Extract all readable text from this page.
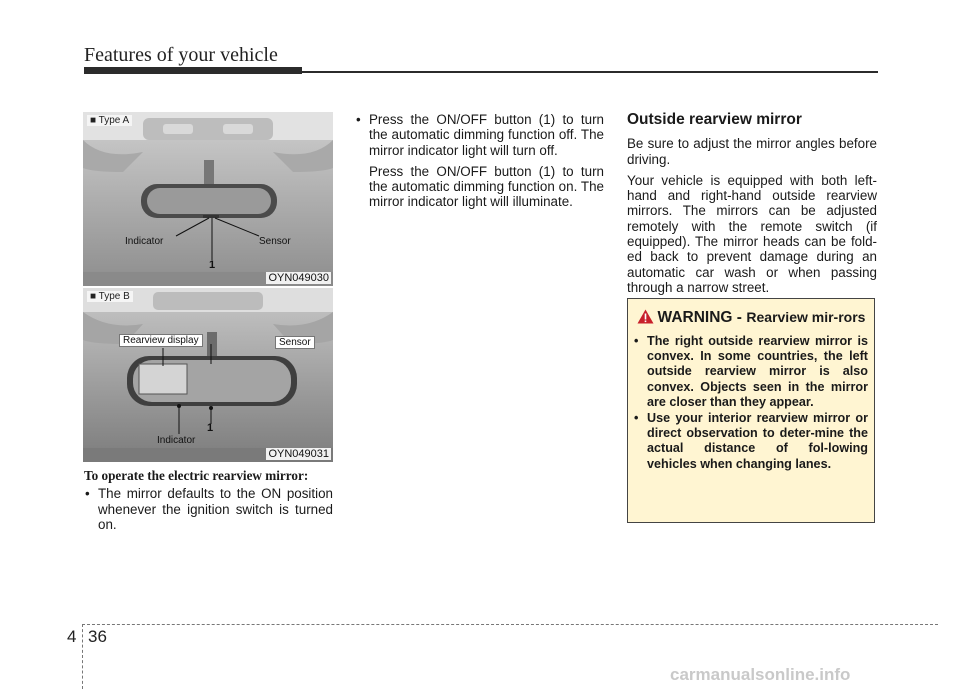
Features of your vehicle
■ Type A
Indicator	Sensor
1
OYN049030
■ Type B
Rearview display	Sensor
Indicator
1
OYN049031
To operate the electric rearview mirror:
• The mirror defaults to the ON position whenever the ignition switch is turned on.
• Press the ON/OFF button (1) to turn the automatic dimming function off. The mirror indicator light will turn off.
Press the ON/OFF button (1) to turn the automatic dimming function on. The mirror indicator light will illuminate.
Outside rearview mirror
Be sure to adjust the mirror angles before driving.
Your vehicle is equipped with both left-hand and right-hand outside rearview mirrors. The mirrors can be adjusted remotely with the remote switch (if equipped). The mirror heads can be fold-ed back to prevent damage during an automatic car wash or when passing through a narrow street.
WARNING - Rearview mir-rors
• The right outside rearview mirror is convex. In some countries, the left outside rearview mirror is also convex. Objects seen in the mirror are closer than they appear.
• Use your interior rearview mirror or direct observation to deter-mine the actual distance of fol-lowing vehicles when changing lanes.
4 36
carmanualsonline.info
